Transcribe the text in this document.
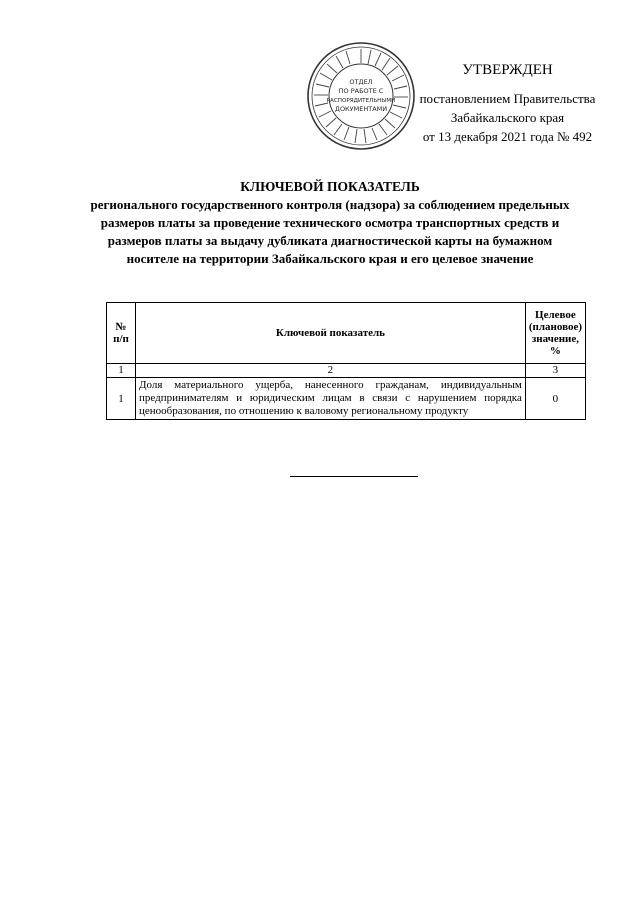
УТВЕРЖДЕН
постановлением Правительства
Забайкальского края
от 13 декабря 2021 года № 492
ОТДЕЛ
ПО РАБОТЕ С
РАСПОРЯДИТЕЛЬНЫМИ
ДОКУМЕНТАМИ
КЛЮЧЕВОЙ ПОКАЗАТЕЛЬ
регионального государственного контроля (надзора) за соблюдением предельных размеров платы за проведение технического осмотра транспортных средств и размеров платы за выдачу дубликата диагностической карты на бумажном носителе на территории Забайкальского края и его целевое значение
№ п/п	Ключевой показатель	Целевое (плановое) значение, %
1	2	3
1	Доля материального ущерба, нанесенного гражданам, индивидуальным предпринимателям и юридическим лицам в связи с нарушением порядка ценообразования, по отношению к валовому региональному продукту	0
